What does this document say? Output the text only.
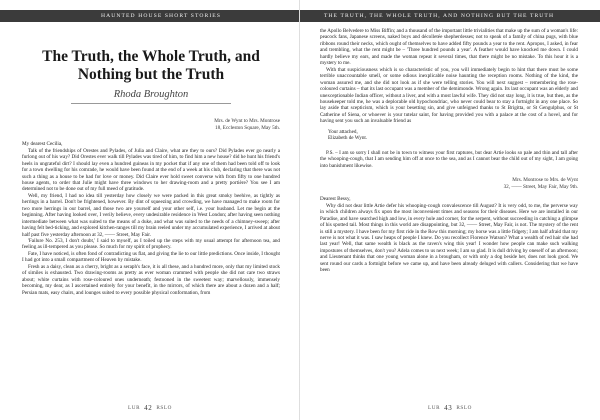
HAUNTED HOUSE SHORT STORIES
The Truth, the Whole Truth, and Nothing but the Truth
Rhoda Broughton
Mrs. de Wynt to Mrs. Montrose
18, Eccleston Square, May 5th.
My dearest Cecilia,

Talk of the friendships of Orestes and Pylades, of Julia and Claire, what are they to ours? Did Pylades ever go nearly a furlong out of his way? Did Orestes ever walk till Pylades was tired of him, to find him a new house? did he hunt his friend's heels in ungrateful dirt? I should lay even a hundred guineas in my pocket that if any one of them had been told off to look for a town dwelling for his comrade, he would have been found at the end of a week at his club, declaring that there was not such a thing as a house to be had for love or money. Did Claire ever hold sweet converse with from fifty to one hundred house agents, to order that Julie might have three windows to her drawing-room and a pretty portière? You see I am determined not to be done out of my full meed of gratitude.

Well, my friend, I had no idea till yesterday how closely we were packed in this great smoky beehive, as tightly as herrings in a barrel. Don't be frightened, however. By dint of squeezing and crowding, we have managed to make room for two more herrings in our barrel, and those two are yourself and your other self, i.e. your husband. Let me begin at the beginning. After having looked over, I verily believe, every undesirable residence in West London; after having seen nothing intermediate between what was suited to the means of a duke, and what was suited to the needs of a chimney-sweep; after having felt bed-ticking, and explored kitchen-ranges till my brain reeled under my accumulated experience, I arrived at about half past five yesterday afternoon at 32, —— Street, May Fair.

'Failure No. 253, I don't doubt,' I said to myself, as I toiled up the steps with my usual attempt for afternoon tea, and feeling as ill-tempered as you please. So much for my spirit of prophecy.

Fate, I have noticed, is often fond of contradicting us flat, and giving the lie to our little predictions. Once inside, I thought I had got into a small compartment of Heaven by mistake.

Fresh as a daisy, clean as a cherry, bright as a seraph's face, it is all these, and a hundred more, only that my limited stock of similes is exhausted. Two drawing-rooms as pretty as ever woman crammed with people she did not care two straws about; white curtains with rose-coloured ones underneath; festooned in the sweetest way; marvellously, immensely becoming, my dear, as I ascertained entirely for your benefit, in the mirrors, of which there are about a dozen and a half; Persian mats, easy chairs, and lounges suited to every possible physical conformation, from

LUR 42 RSLO
THE TRUTH, THE WHOLE TRUTH, AND NOTHING BUT THE TRUTH

the Apollo Belvedere to Miss Biffin; and a thousand of the important little trivialities that make up the sum of a woman's life: peacock fans, Japanese screens, naked boys and décolletée shepherdesses; not to speak of a family of china pugs, with blue ribbons round their necks, which ought of themselves to have added fifty pounds a year to the rent. Apropos, I asked, in fear and trembling, what the rent might be – 'Three hundred pounds a year'. A feather would have knocked me down. I could hardly believe my ears, and made the woman repeat it several times, that there might be no mistake. To this hour it is a mystery to me.

With that suspiciousness which is so characteristic of you, you will immediately begin to hint that there must be some terrible unaccountable smell, or some odious inexplicable noise haunting the reception rooms. Nothing of the kind, the woman assured me, and she did not look as if she were telling stories. You will next suggest – remembering the rose-coloured curtains – that its last occupant was a member of the demimonde. Wrong again. Its last occupant was an elderly and unexceptionable Indian officer, without a liver, and with a most lawful wife. They did not stay long, it is true, but then, as the housekeeper told me, he was a deplorable old hypochondriac, who never could bear to stay a fortnight in any one place. So lay aside that scepticism, which is your besetting sin, and give unfeigned thanks to St Brigitta, or St Gengulphus, or St Catherine of Siena, or whoever is your tutelar saint, for having provided you with a palace at the cost of a hovel, and for having sent you such an invaluable friend as

Your attached,
Elizabeth de Wynt.

P.S. – I am so sorry I shall not be in town to witness your first raptures, but dear Artie looks so pale and thin and tall after the whooping-cough, that I am sending him off at once to the sea, and as I cannot bear the child out of my sight, I am going into banishment likewise.

Mrs. Montrose to Mrs. de Wynt
32, —— Street, May Fair, May 9th.
Dearest Bessy,

Why did not dear little Artie defer his whooping-cough convalescence till August? It is very odd, to me, the perverse way in which children always fix upon the most inconvenient times and seasons for their diseases. Here we are installed in our Paradise, and have searched high and low, in every hole and corner, for the serpent, without succeeding in catching a glimpse of his spotted tail. Most things in this world are disappointing, but 32, —— Street, May Fair, is not. The mystery of the rent is still a mystery. I have been for my first ride in the Row this morning; my horse was a little fidgety; I am half afraid that my nerve is not what it was. I saw heaps of people I knew. Do you recollect Florence Watson? What a wealth of red hair she had last year! Well, that same wealth is black as the raven's wing this year! I wonder how people can make such walking impostures of themselves, don't you? Adela comes to us next week; I am so glad. It is dull driving by oneself of an afternoon; and Lieutenant thinks that one young woman alone in a brougham, or with only a dog beside her, does not look good. We sent round our cards a fortnight before we came up, and have been already deluged with callers. Considering that we have been

LUR 43 RSLO
